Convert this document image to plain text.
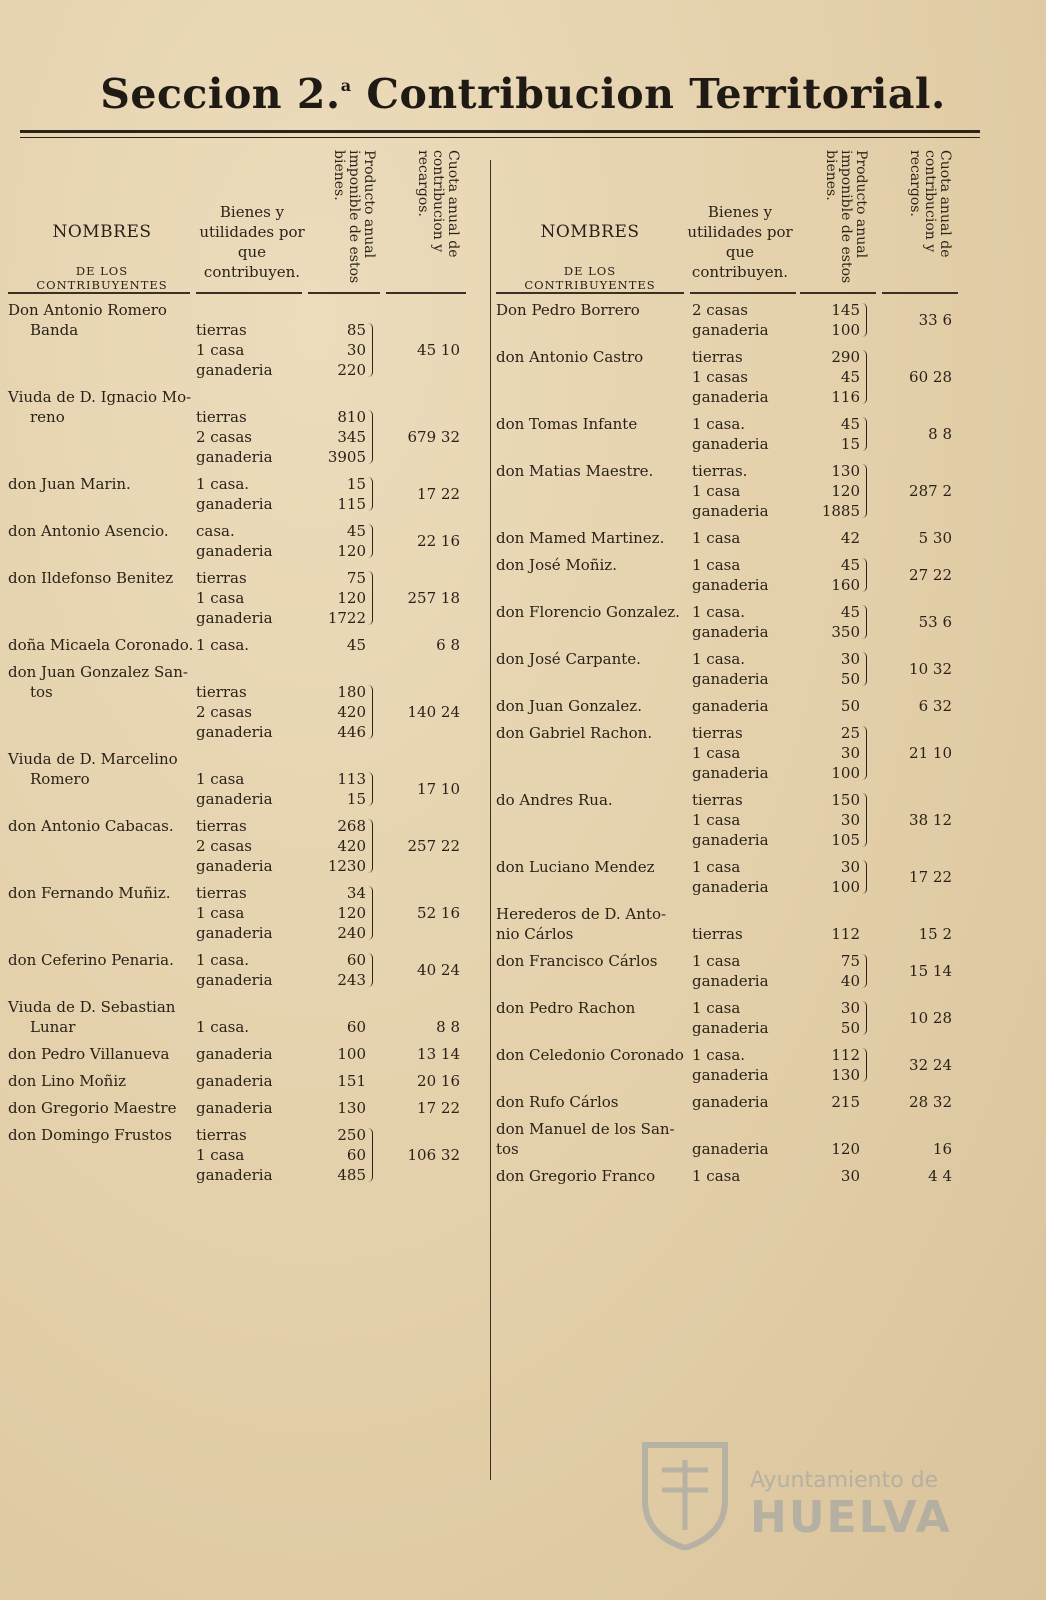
Seccion 2.$^a$ Contribucion Territorial.
NOMBRES
DE LOS CONTRIBUYENTES
Bienes y utilidades por que contribuyen.
Producto anual imponible de estos bienes.	Cuota anual de contribucion y recargos.
Don Antonio Romero
Banda	tierras	85
1 casa	30
ganaderia	220
45 10
Viuda de D. Ignacio Mo-
reno	tierras	810
2 casas	345
ganaderia	3905
679 32
don Juan Marin.	1 casa.	15
ganaderia	115
17 22
don Antonio Asencio. casa.	45
ganaderia	120
22 16
don Ildefonso Benitez tierras	75
1 casa	120
ganaderia	1722
257 18
doña Micaela Coronado. 1 casa.	45	6 8
don Juan Gonzalez San-
tos	tierras	180
2 casas	420
ganaderia	446
140 24
Viuda de D. Marcelino
Romero	1 casa	113
ganaderia	15
17 10
don Antonio Cabacas. tierras	268
2 casas	420
ganaderia	1230
257 22
don Fernando Muñiz. tierras	34
1 casa	120
ganaderia	240
52 16
don Ceferino Penaria. 1 casa.	60
ganaderia	243
40 24
Viuda de D. Sebastian
Lunar	1 casa.	60	8 8
don Pedro Villanueva ganaderia	100	13 14
don Lino Moñiz	ganaderia	151	20 16
don Gregorio Maestre ganaderia	130	17 22
don Domingo Frustos tierras	250
1 casa	60
ganaderia	485
106 32
NOMBRES
DE LOS CONTRIBUYENTES
Bienes y utilidades por que contribuyen.
Producto anual imponible de estos bienes.	Cuota anual de contribucion y recargos.
Don Pedro Borrero	2 casas	145
ganaderia	100
33 6
don Antonio Castro	tierras	290
1 casas	45
ganaderia	116
60 28
don Tomas Infante	1 casa.	45
ganaderia	15
8 8
don Matias Maestre.	tierras.	130
1 casa	120
ganaderia	1885
287 2
don Mamed Martinez. 1 casa	42	5 30
don José Moñiz.	1 casa	45
ganaderia	160
27 22
don Florencio Gonzalez. 1 casa.	45
ganaderia	350
53 6
don José Carpante.	1 casa.	30
ganaderia	50
10 32
don Juan Gonzalez.	ganaderia	50	6 32
don Gabriel Rachon.	tierras	25
1 casa	30
ganaderia	100
21 10
do Andres Rua.	tierras	150
1 casa	30
ganaderia	105
38 12
don Luciano Mendez 1 casa	30
ganaderia	100
17 22
Herederos de D. Anto-
nio Cárlos	tierras	112	15 2
don Francisco Cárlos 1 casa	75
ganaderia	40
15 14
don Pedro Rachon	1 casa	30
ganaderia	50
10 28
don Celedonio Coronado 1 casa.	112
ganaderia	130
32 24
don Rufo Cárlos	ganaderia	215	28 32
don Manuel de los San-
tos	ganaderia	120	16
don Gregorio Franco 1 casa	30	4 4
Ayuntamiento de
HUELVA
